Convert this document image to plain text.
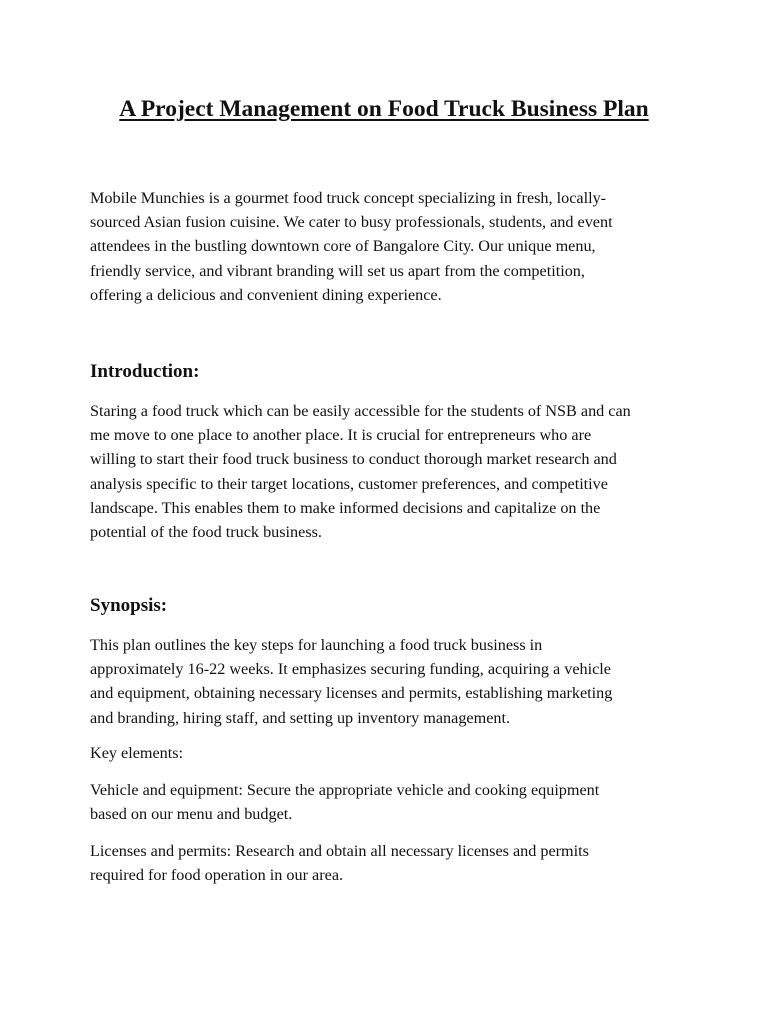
A Project Management on Food Truck Business Plan

Mobile Munchies is a gourmet food truck concept specializing in fresh, locally-
sourced Asian fusion cuisine. We cater to busy professionals, students, and event
attendees in the bustling downtown core of Bangalore City. Our unique menu,
friendly service, and vibrant branding will set us apart from the competition,
offering a delicious and convenient dining experience.

Introduction:

Staring a food truck which can be easily accessible for the students of NSB and can
me move to one place to another place. It is crucial for entrepreneurs who are
willing to start their food truck business to conduct thorough market research and
analysis specific to their target locations, customer preferences, and competitive
landscape. This enables them to make informed decisions and capitalize on the
potential of the food truck business.

Synopsis:

This plan outlines the key steps for launching a food truck business in
approximately 16-22 weeks. It emphasizes securing funding, acquiring a vehicle
and equipment, obtaining necessary licenses and permits, establishing marketing
and branding, hiring staff, and setting up inventory management.

Key elements:

Vehicle and equipment: Secure the appropriate vehicle and cooking equipment
based on our menu and budget.

Licenses and permits: Research and obtain all necessary licenses and permits
required for food operation in our area.
